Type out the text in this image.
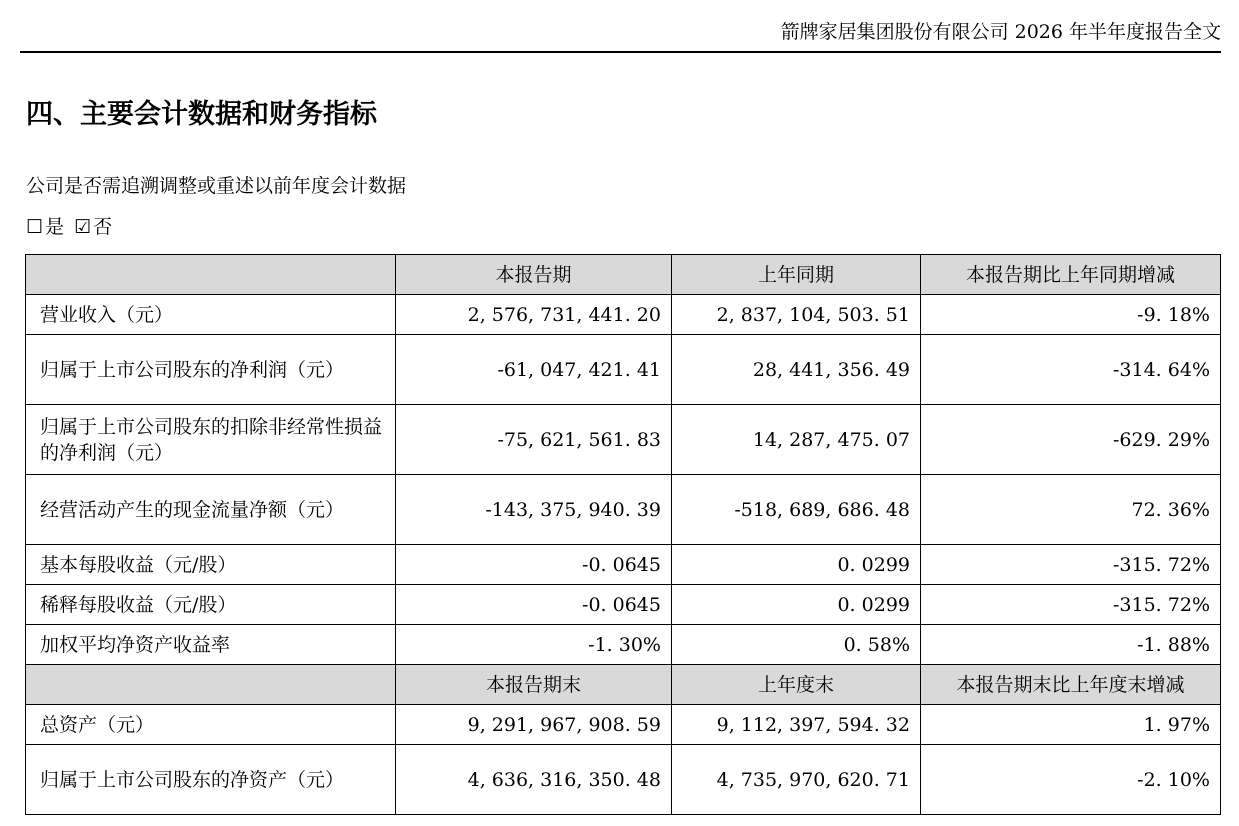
箭牌家居集团股份有限公司 2026 年半年度报告全文
四、主要会计数据和财务指标
公司是否需追溯调整或重述以前年度会计数据
☐ 是 ☑ 否
	本报告期	上年同期	本报告期比上年同期增减
营业收入（元）	2, 576, 731, 441. 20	2, 837, 104, 503. 51	-9. 18%
归属于上市公司股东的净利润（元）	-61, 047, 421. 41	28, 441, 356. 49	-314. 64%
归属于上市公司股东的扣除非经常性损益的净利润（元）	-75, 621, 561. 83	14, 287, 475. 07	-629. 29%
经营活动产生的现金流量净额（元）	-143, 375, 940. 39	-518, 689, 686. 48	72. 36%
基本每股收益（元/股）	-0. 0645	0. 0299	-315. 72%
稀释每股收益（元/股）	-0. 0645	0. 0299	-315. 72%
加权平均净资产收益率	-1. 30%	0. 58%	-1. 88%
	本报告期末	上年度末	本报告期末比上年度末增减
总资产（元）	9, 291, 967, 908. 59	9, 112, 397, 594. 32	1. 97%
归属于上市公司股东的净资产（元）	4, 636, 316, 350. 48	4, 735, 970, 620. 71	-2. 10%
